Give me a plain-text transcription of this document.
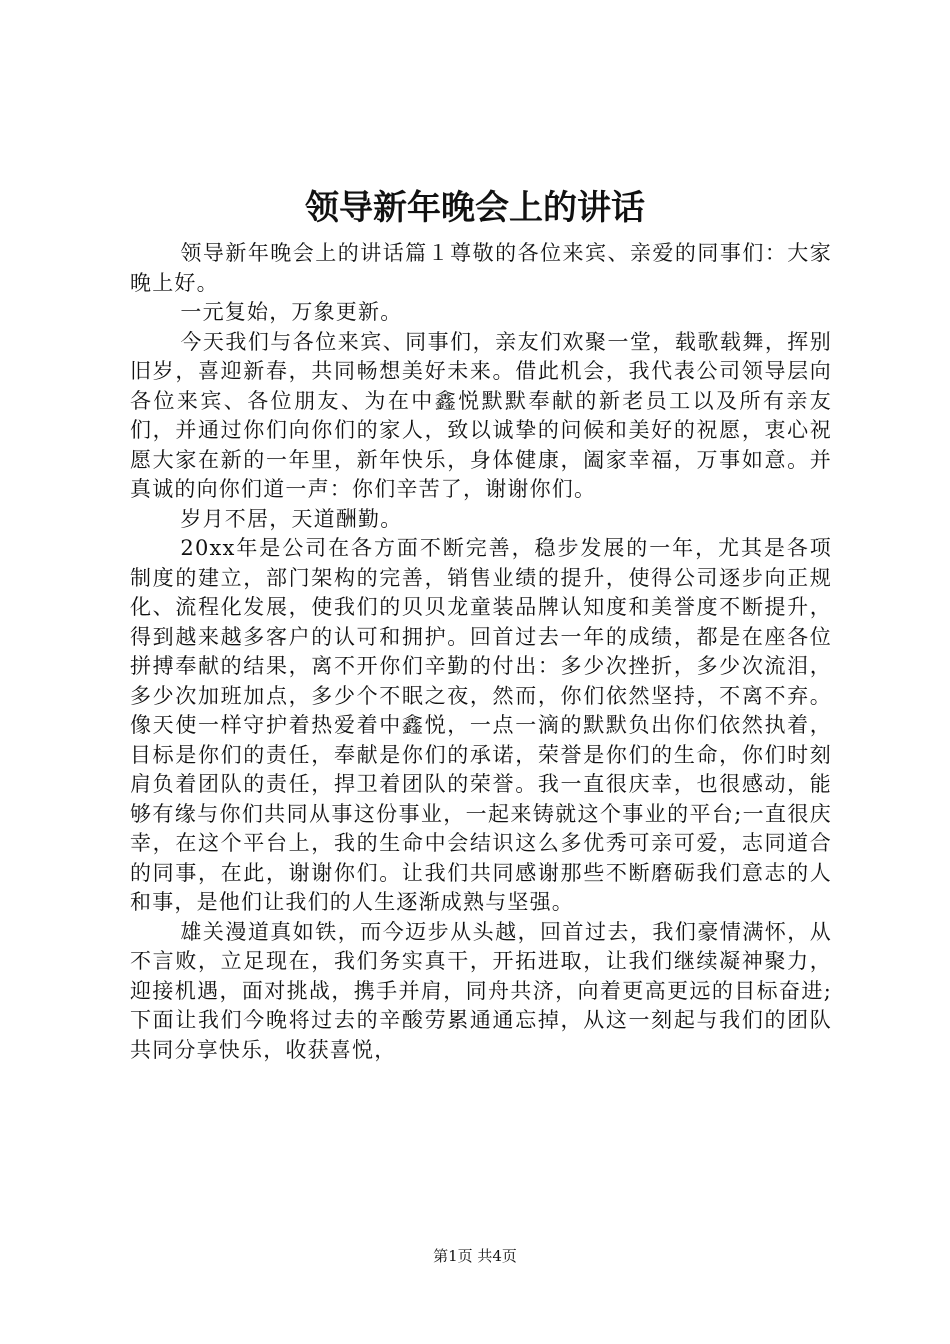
领导新年晚会上的讲话

领导新年晚会上的讲话篇１尊敬的各位来宾、亲爱的同事们：大家晚上好。

一元复始，万象更新。

今天我们与各位来宾、同事们，亲友们欢聚一堂，载歌载舞，挥别旧岁，喜迎新春，共同畅想美好未来。借此机会，我代表公司领导层向各位来宾、各位朋友、为在中鑫悦默默奉献的新老员工以及所有亲友们，并通过你们向你们的家人，致以诚挚的问候和美好的祝愿，衷心祝愿大家在新的一年里，新年快乐，身体健康，阖家幸福，万事如意。并真诚的向你们道一声：你们辛苦了，谢谢你们。

岁月不居，天道酬勤。

20xx年是公司在各方面不断完善，稳步发展的一年，尤其是各项制度的建立，部门架构的完善，销售业绩的提升，使得公司逐步向正规化、流程化发展，使我们的贝贝龙童装品牌认知度和美誉度不断提升，得到越来越多客户的认可和拥护。回首过去一年的成绩，都是在座各位拼搏奉献的结果，离不开你们辛勤的付出：多少次挫折，多少次流泪，多少次加班加点，多少个不眠之夜，然而，你们依然坚持，不离不弃。像天使一样守护着热爱着中鑫悦，一点一滴的默默负出你们依然执着，目标是你们的责任，奉献是你们的承诺，荣誉是你们的生命，你们时刻肩负着团队的责任，捍卫着团队的荣誉。我一直很庆幸，也很感动，能够有缘与你们共同从事这份事业，一起来铸就这个事业的平台;一直很庆幸，在这个平台上，我的生命中会结识这么多优秀可亲可爱，志同道合的同事，在此，谢谢你们。让我们共同感谢那些不断磨砺我们意志的人和事，是他们让我们的人生逐渐成熟与坚强。

雄关漫道真如铁，而今迈步从头越，回首过去，我们豪情满怀，从不言败，立足现在，我们务实真干，开拓进取，让我们继续凝神聚力，迎接机遇，面对挑战，携手并肩，同舟共济，向着更高更远的目标奋进;下面让我们今晚将过去的辛酸劳累通通忘掉，从这一刻起与我们的团队共同分享快乐，收获喜悦，

第1页 共4页
